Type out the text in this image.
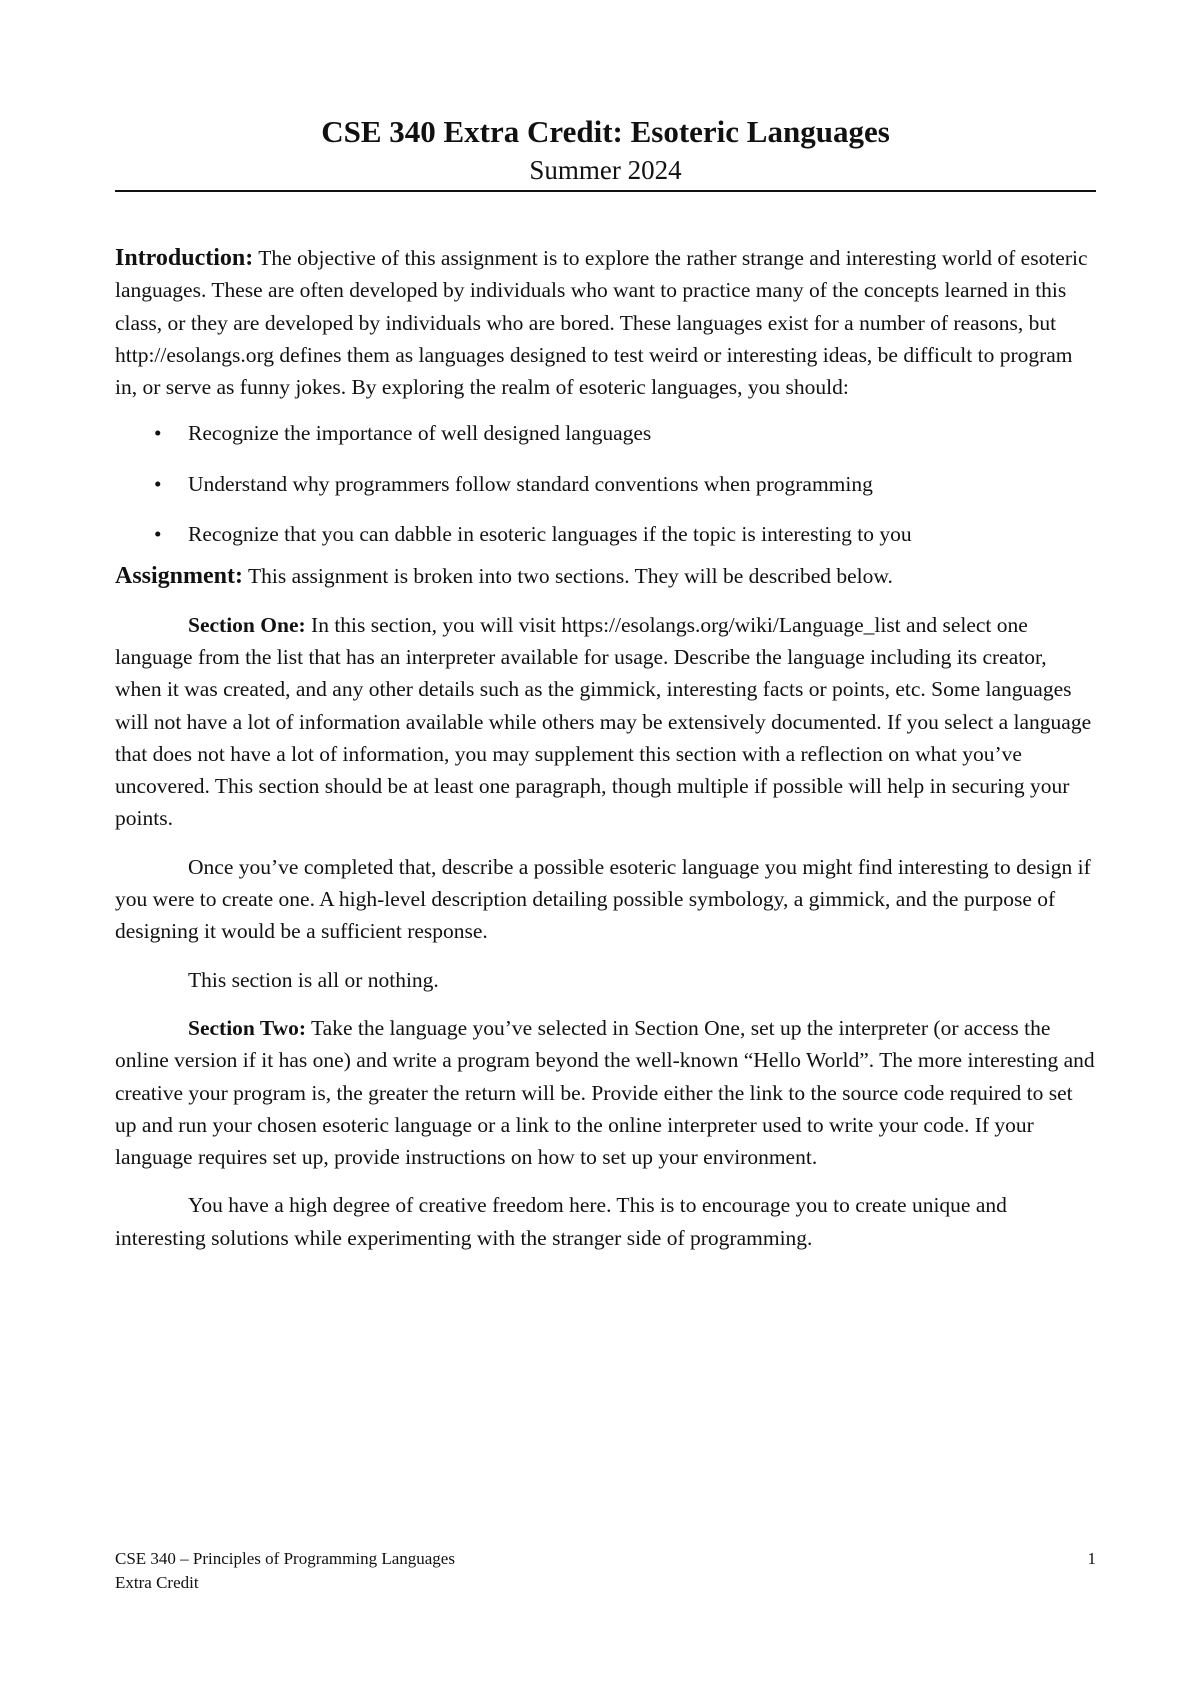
CSE 340 Extra Credit: Esoteric Languages
Summer 2024

Introduction: The objective of this assignment is to explore the rather strange and interesting world of esoteric languages. These are often developed by individuals who want to practice many of the concepts learned in this class, or they are developed by individuals who are bored. These languages exist for a number of reasons, but http://esolangs.org defines them as languages designed to test weird or interesting ideas, be difficult to program in, or serve as funny jokes. By exploring the realm of esoteric languages, you should:

• Recognize the importance of well designed languages
• Understand why programmers follow standard conventions when programming
• Recognize that you can dabble in esoteric languages if the topic is interesting to you

Assignment: This assignment is broken into two sections. They will be described below.

Section One: In this section, you will visit https://esolangs.org/wiki/Language_list and select one language from the list that has an interpreter available for usage. Describe the language including its creator, when it was created, and any other details such as the gimmick, interesting facts or points, etc. Some languages will not have a lot of information available while others may be extensively documented. If you select a language that does not have a lot of information, you may supplement this section with a reflection on what you’ve uncovered. This section should be at least one paragraph, though multiple if possible will help in securing your points.

Once you’ve completed that, describe a possible esoteric language you might find interesting to design if you were to create one. A high-level description detailing possible symbology, a gimmick, and the purpose of designing it would be a sufficient response.

This section is all or nothing.

Section Two: Take the language you’ve selected in Section One, set up the interpreter (or access the online version if it has one) and write a program beyond the well-known “Hello World”. The more interesting and creative your program is, the greater the return will be. Provide either the link to the source code required to set up and run your chosen esoteric language or a link to the online interpreter used to write your code. If your language requires set up, provide instructions on how to set up your environment.

You have a high degree of creative freedom here. This is to encourage you to create unique and interesting solutions while experimenting with the stranger side of programming.

CSE 340 – Principles of Programming Languages
Extra Credit
1
